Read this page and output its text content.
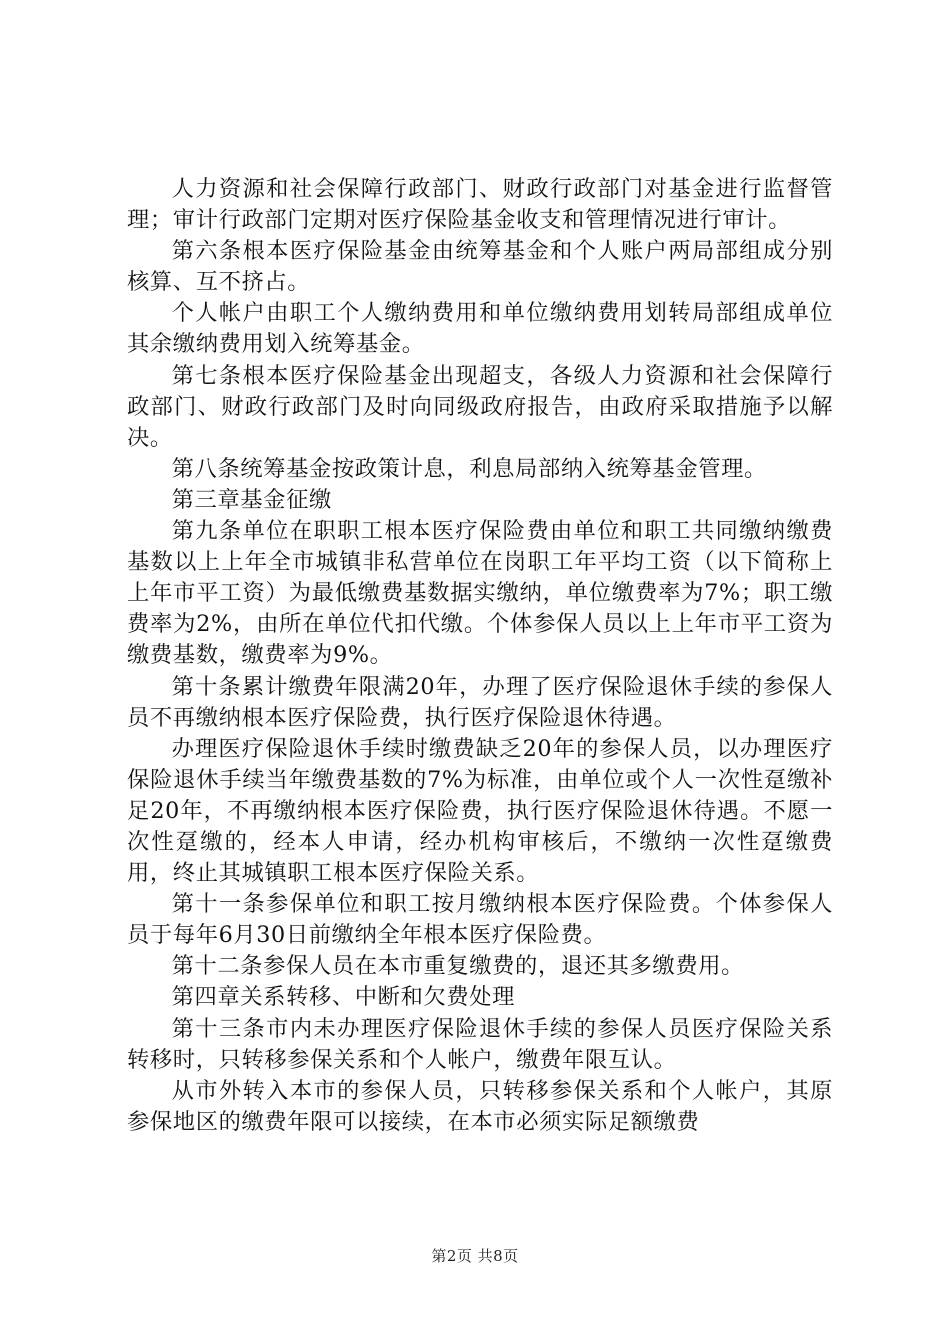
人力资源和社会保障行政部门、财政行政部门对基金进行监督管理；审计行政部门定期对医疗保险基金收支和管理情况进行审计。

第六条根本医疗保险基金由统筹基金和个人账户两局部组成分别核算、互不挤占。

个人帐户由职工个人缴纳费用和单位缴纳费用划转局部组成单位其余缴纳费用划入统筹基金。

第七条根本医疗保险基金出现超支，各级人力资源和社会保障行政部门、财政行政部门及时向同级政府报告，由政府采取措施予以解决。

第八条统筹基金按政策计息，利息局部纳入统筹基金管理。

第三章基金征缴

第九条单位在职职工根本医疗保险费由单位和职工共同缴纳缴费基数以上上年全市城镇非私营单位在岗职工年平均工资（以下简称上上年市平工资）为最低缴费基数据实缴纳，单位缴费率为7%；职工缴费率为2%，由所在单位代扣代缴。个体参保人员以上上年市平工资为缴费基数，缴费率为9%。

第十条累计缴费年限满20年，办理了医疗保险退休手续的参保人员不再缴纳根本医疗保险费，执行医疗保险退休待遇。

办理医疗保险退休手续时缴费缺乏20年的参保人员，以办理医疗保险退休手续当年缴费基数的7%为标准，由单位或个人一次性趸缴补足20年，不再缴纳根本医疗保险费，执行医疗保险退休待遇。不愿一次性趸缴的，经本人申请，经办机构审核后，不缴纳一次性趸缴费用，终止其城镇职工根本医疗保险关系。

第十一条参保单位和职工按月缴纳根本医疗保险费。个体参保人员于每年6月30日前缴纳全年根本医疗保险费。

第十二条参保人员在本市重复缴费的，退还其多缴费用。

第四章关系转移、中断和欠费处理

第十三条市内未办理医疗保险退休手续的参保人员医疗保险关系转移时，只转移参保关系和个人帐户，缴费年限互认。

从市外转入本市的参保人员，只转移参保关系和个人帐户，其原参保地区的缴费年限可以接续，在本市必须实际足额缴费

第2页 共8页
